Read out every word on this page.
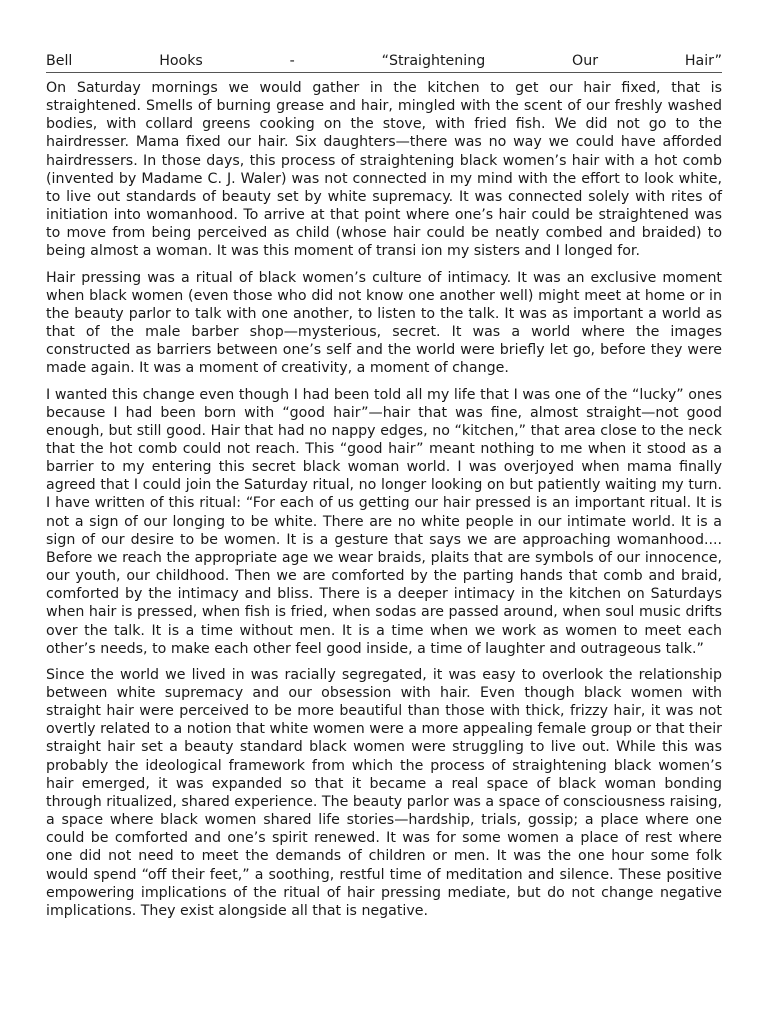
Bell	Hooks	-	“Straightening	Our	Hair”

On Saturday mornings we would gather in the kitchen to get our hair fixed, that is straightened. Smells of burning grease and hair, mingled with the scent of our freshly washed bodies, with collard greens cooking on the stove, with fried fish. We did not go to the hairdresser. Mama fixed our hair. Six daughters—there was no way we could have afforded hairdressers. In those days, this process of straightening black women’s hair with a hot comb (invented by Madame C. J. Waler) was not connected in my mind with the effort to look white, to live out standards of beauty set by white supremacy. It was connected solely with rites of initiation into womanhood. To arrive at that point where one’s hair could be straightened was to move from being perceived as child (whose hair could be neatly combed and braided) to being almost a woman. It was this moment of transi ion my sisters and I longed for.

Hair pressing was a ritual of black women’s culture of intimacy. It was an exclusive moment when black women (even those who did not know one another well) might meet at home or in the beauty parlor to talk with one another, to listen to the talk. It was as important a world as that of the male barber shop—mysterious, secret. It was a world where the images constructed as barriers between one’s self and the world were briefly let go, before they were made again. It was a moment of creativity, a moment of change.

I wanted this change even though I had been told all my life that I was one of the “lucky” ones because I had been born with “good hair”—hair that was fine, almost straight—not good enough, but still good. Hair that had no nappy edges, no “kitchen,” that area close to the neck that the hot comb could not reach. This “good hair” meant nothing to me when it stood as a barrier to my entering this secret black woman world. I was overjoyed when mama finally agreed that I could join the Saturday ritual, no longer looking on but patiently waiting my turn. I have written of this ritual: “For each of us getting our hair pressed is an important ritual. It is not a sign of our longing to be white. There are no white people in our intimate world. It is a sign of our desire to be women. It is a gesture that says we are approaching womanhood.... Before we reach the appropriate age we wear braids, plaits that are symbols of our innocence, our youth, our childhood. Then we are comforted by the parting hands that comb and braid, comforted by the intimacy and bliss. There is a deeper intimacy in the kitchen on Saturdays when hair is pressed, when fish is fried, when sodas are passed around, when soul music drifts over the talk. It is a time without men. It is a time when we work as women to meet each other’s needs, to make each other feel good inside, a time of laughter and outrageous talk.”

Since the world we lived in was racially segregated, it was easy to overlook the relationship between white supremacy and our obsession with hair. Even though black women with straight hair were perceived to be more beautiful than those with thick, frizzy hair, it was not overtly related to a notion that white women were a more appealing female group or that their straight hair set a beauty standard black women were struggling to live out. While this was probably the ideological framework from which the process of straightening black women’s hair emerged, it was expanded so that it became a real space of black woman bonding through ritualized, shared experience. The beauty parlor was a space of consciousness raising, a space where black women shared life stories—hardship, trials, gossip; a place where one could be comforted and one’s spirit renewed. It was for some women a place of rest where one did not need to meet the demands of children or men. It was the one hour some folk would spend “off their feet,” a soothing, restful time of meditation and silence. These positive empowering implications of the ritual of hair pressing mediate, but do not change negative implications. They exist alongside all that is negative.
